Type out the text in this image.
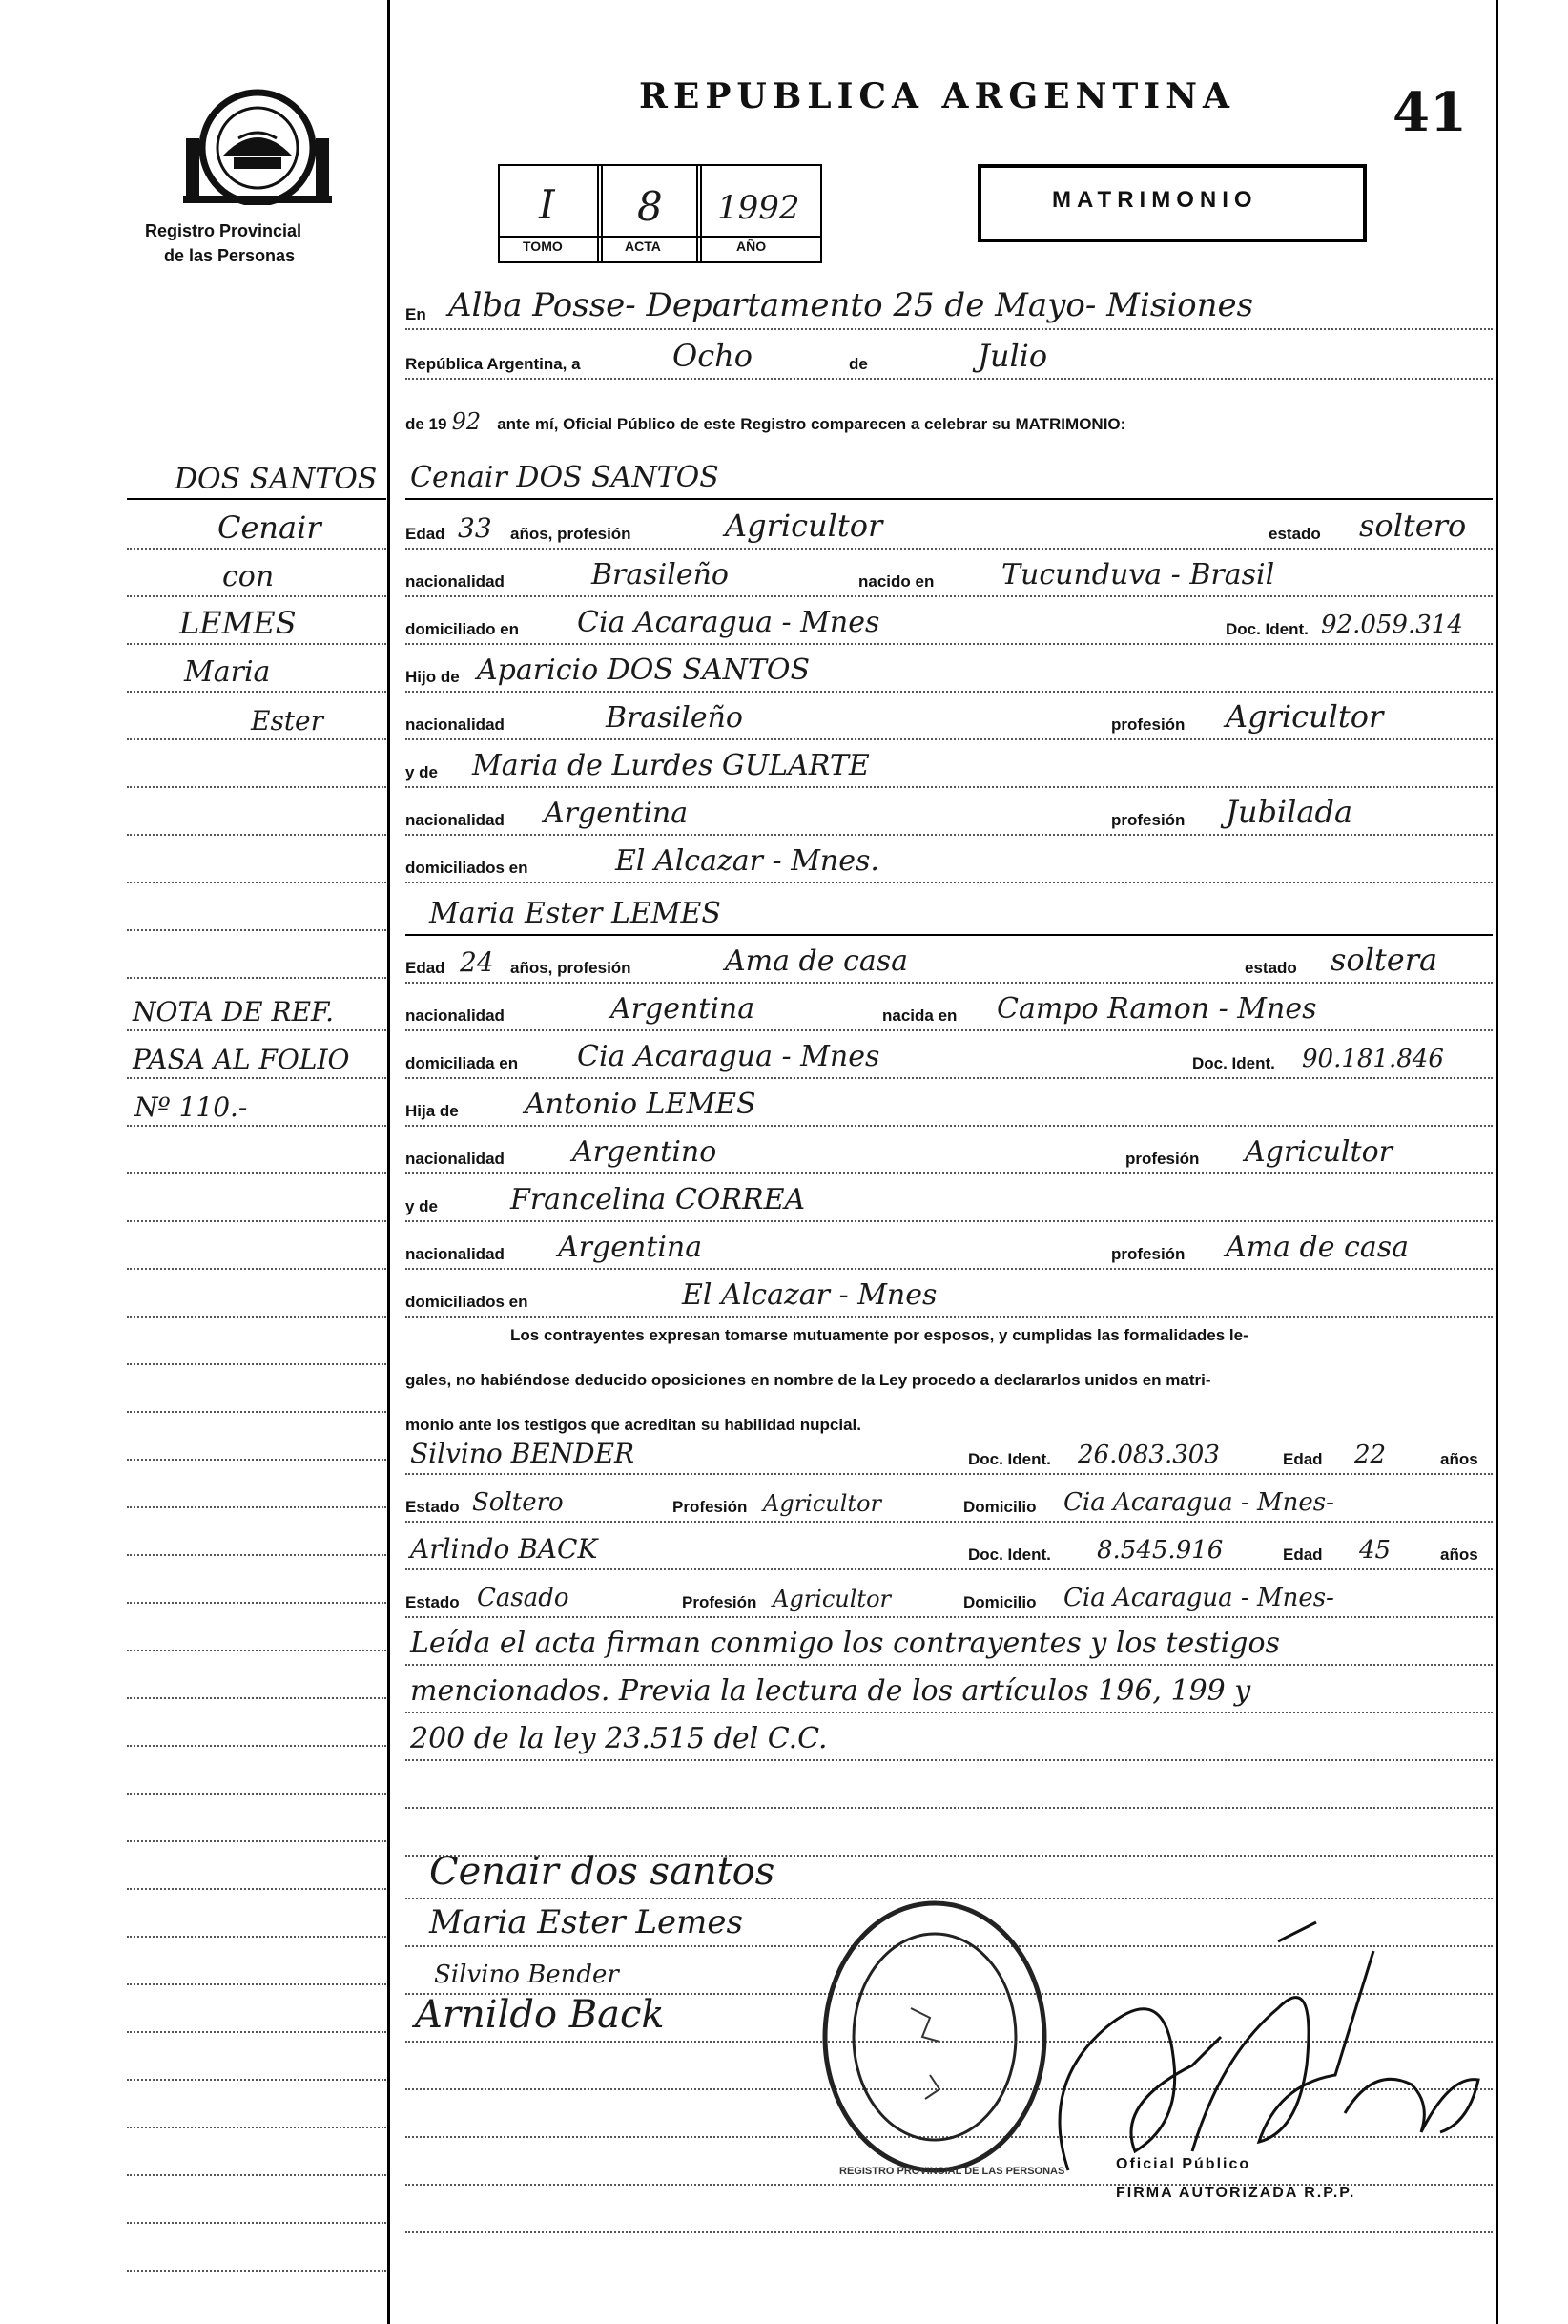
Registro Provincial
de las Personas
REPUBLICA ARGENTINA	41
I 8 1992
TOMO	ACTA	AÑO
MATRIMONIO
En Alba Posse- Departamento 25 de Mayo- Misiones
República Argentina, a	Ocho	de	Julio
de 19 92 ante mí, Oficial Público de este Registro comparecen a celebrar su MATRIMONIO:
DOS SANTOS
Cenair
con
LEMES
Maria
Ester
NOTA DE REF.
PASA AL FOLIO
Nº 110.-
Cenair DOS SANTOS
Edad 33 años, profesión	Agricultor	estado soltero
nacionalidad	Brasileño	nacido en Tucunduva - Brasil
domiciliado en Cia Acaragua - Mnes	Doc. Ident. 92.059.314
Hijo de Aparicio DOS SANTOS
nacionalidad	Brasileño	profesión Agricultor
y de Maria de Lurdes GULARTE
nacionalidad Argentina	profesión Jubilada
domiciliados en	El Alcazar - Mnes.
Maria Ester LEMES
Edad 24 años, profesión	Ama de casa	estado soltera
nacionalidad	Argentina	nacida en Campo Ramon - Mnes
domiciliada en Cia Acaragua - Mnes	Doc. Ident. 90.181.846
Hija de Antonio LEMES
nacionalidad Argentino	profesión Agricultor
y de	Francelina CORREA
nacionalidad Argentina	profesión Ama de casa
domiciliados en	El Alcazar - Mnes
Los contrayentes expresan tomarse mutuamente por esposos, y cumplidas las formalidades le-
gales, no habiéndose deducido oposiciones en nombre de la Ley procedo a declararlos unidos en matri-
monio ante los testigos que acreditan su habilidad nupcial.
Silvino BENDER	Doc. Ident. 26.083.303	Edad 22	años
Estado Soltero	Profesión Agricultor	Domicilio Cia Acaragua - Mnes-
Arlindo BACK	Doc. Ident. 8.545.916	Edad 45	años
Estado Casado	Profesión Agricultor	Domicilio Cia Acaragua - Mnes-
Leída el acta firman conmigo los contrayentes y los testigos
mencionados. Previa la lectura de los artículos 196, 199 y
200 de la ley 23.515 del C.C.
Cenair dos santos
Maria Ester Lemes
Silvino Bender
Arnildo Back
REGISTRO PROVINCIAL DE LAS PERSONAS	Oficial Público
FIRMA AUTORIZADA R.P.P.
